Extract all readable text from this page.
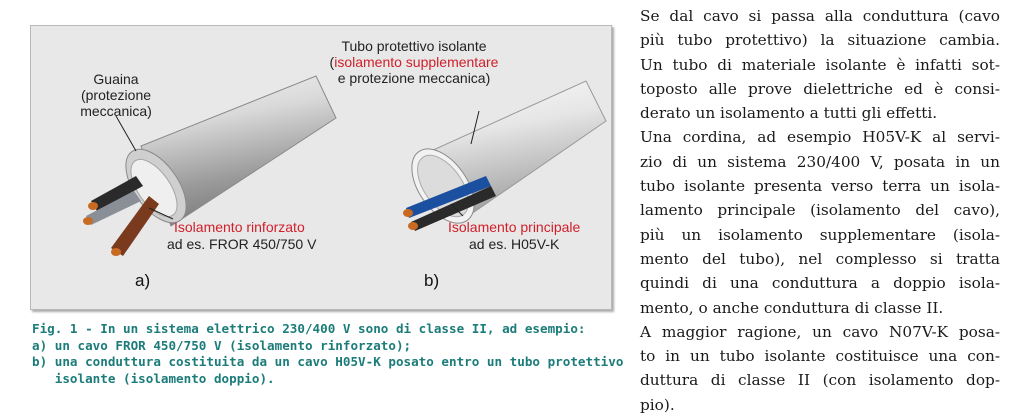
Guaina
(protezione
meccanica)
Isolamento rinforzato
ad es. FROR 450/750 V
a)
Tubo protettivo isolante
(isolamento supplementare
e protezione meccanica)
Isolamento principale
ad es. H05V-K
b)
Fig. 1 - In un sistema elettrico 230/400 V sono di classe II, ad esempio:
a) un cavo FROR 450/750 V (isolamento rinforzato);
b) una conduttura costituita da un cavo H05V-K posato entro un tubo protettivo
isolante (isolamento doppio).
Se dal cavo si passa alla conduttura (cavo
più tubo protettivo) la situazione cambia.
Un tubo di materiale isolante è infatti sot-
toposto alle prove dielettriche ed è consi-
derato un isolamento a tutti gli effetti.
Una cordina, ad esempio H05V-K al servi-
zio di un sistema 230/400 V, posata in un
tubo isolante presenta verso terra un isola-
lamento principale (isolamento del cavo),
più un isolamento supplementare (isola-
mento del tubo), nel complesso si tratta
quindi di una conduttura a doppio isola-
mento, o anche conduttura di classe II.
A maggior ragione, un cavo N07V-K posa-
to in un tubo isolante costituisce una con-
duttura di classe II (con isolamento dop-
pio).
